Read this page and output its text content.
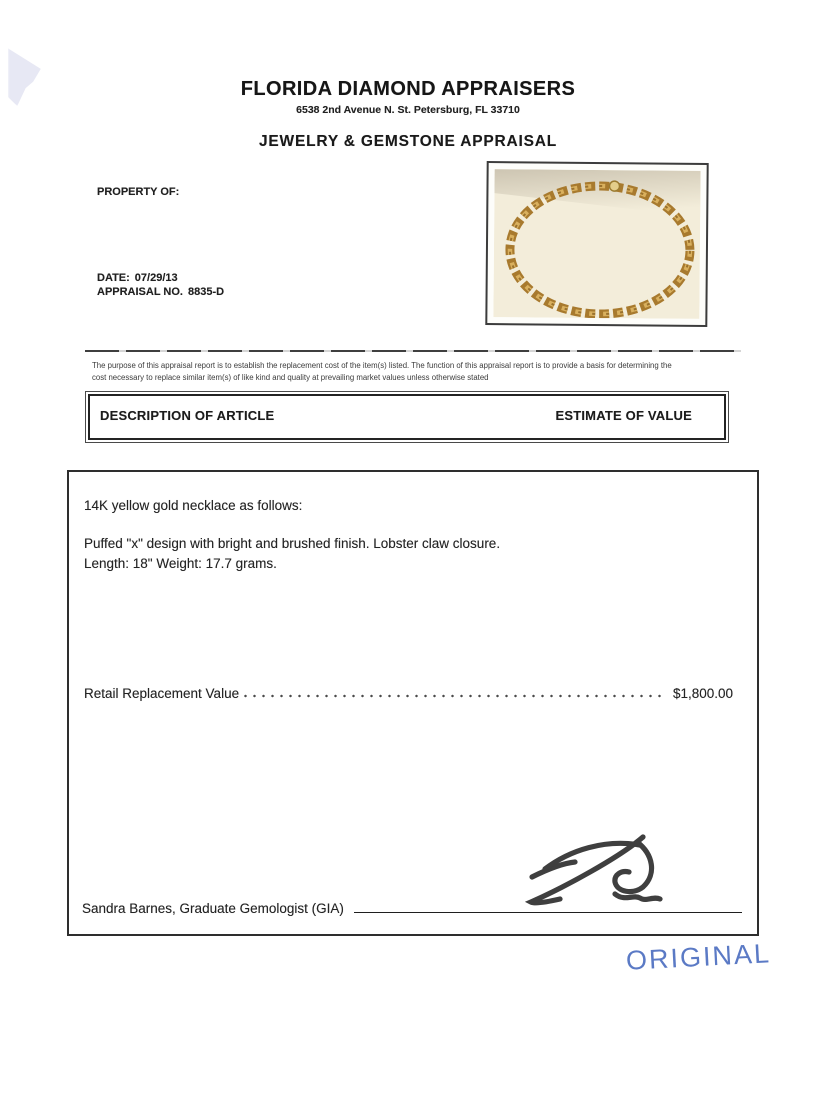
FLORIDA DIAMOND APPRAISERS
6538 2nd Avenue N. St. Petersburg, FL 33710
JEWELRY & GEMSTONE APPRAISAL
PROPERTY OF:
DATE: 07/29/13
APPRAISAL NO. 8835-D
The purpose of this appraisal report is to establish the replacement cost of the item(s) listed. The function of this appraisal report is to provide a basis for determining the
cost necessary to replace similar item(s) of like kind and quality at prevailing market values unless otherwise stated
DESCRIPTION OF ARTICLE	ESTIMATE OF VALUE
14K yellow gold necklace as follows:
Puffed "x" design with bright and brushed finish. Lobster claw closure.
Length: 18" Weight: 17.7 grams.
Retail Replacement Value	$1,800.00
Sandra Barnes, Graduate Gemologist (GIA)
ORIGINAL
